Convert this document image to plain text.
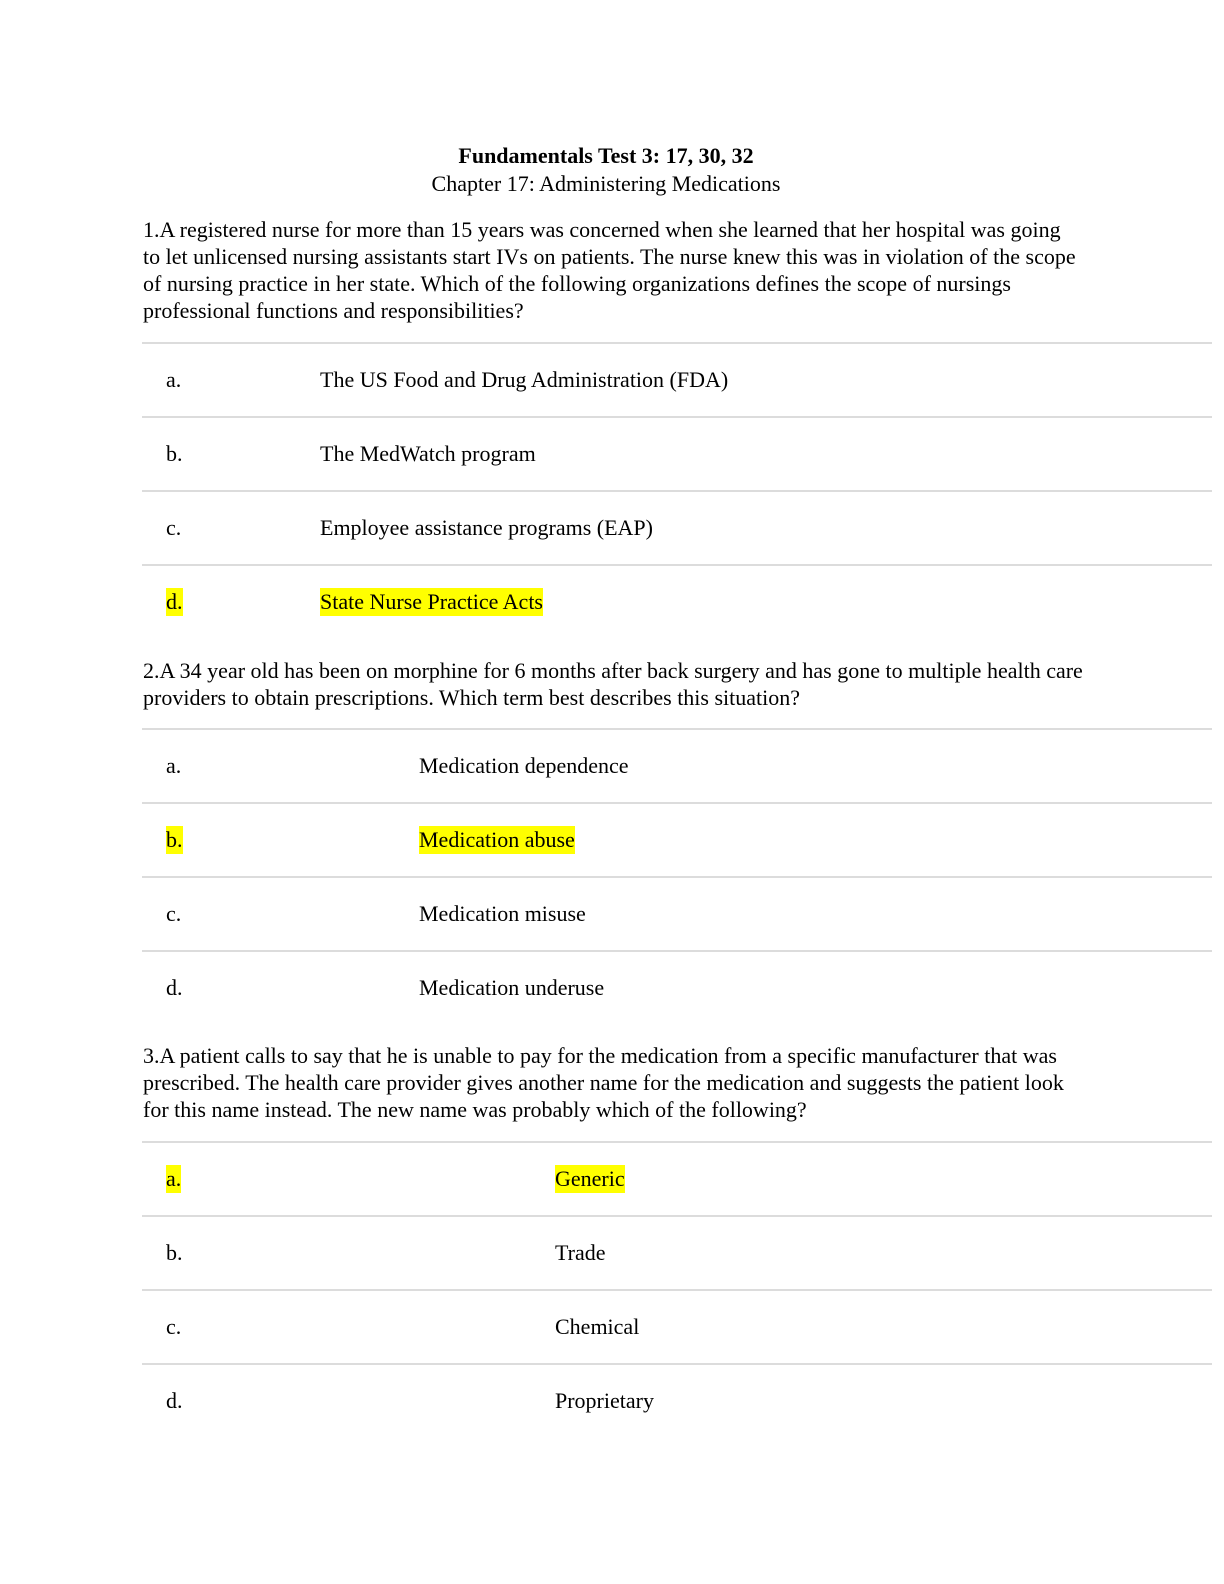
Fundamentals Test 3: 17, 30, 32

Chapter 17: Administering Medications

1.A registered nurse for more than 15 years was concerned when she learned that her hospital was going to let unlicensed nursing assistants start IVs on patients. The nurse knew this was in violation of the scope of nursing practice in her state. Which of the following organizations defines the scope of nursings professional functions and responsibilities?

a.	The US Food and Drug Administration (FDA)
b.	The MedWatch program
c.	Employee assistance programs (EAP)
d.	State Nurse Practice Acts

2.A 34 year old has been on morphine for 6 months after back surgery and has gone to multiple health care providers to obtain prescriptions. Which term best describes this situation?

a.	Medication dependence
b.	Medication abuse
c.	Medication misuse
d.	Medication underuse

3.A patient calls to say that he is unable to pay for the medication from a specific manufacturer that was prescribed. The health care provider gives another name for the medication and suggests the patient look for this name instead. The new name was probably which of the following?

a.	Generic
b.	Trade
c.	Chemical
d.	Proprietary
